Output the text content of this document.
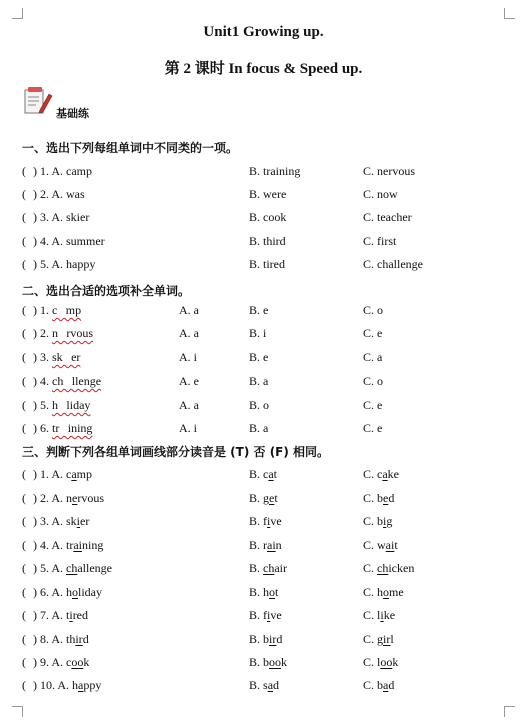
Unit1 Growing up.
第 2 课时 In focus & Speed up.
基础练
一、选出下列每组单词中不同类的一项。
( ) 1. A. camp	B. training	C. nervous
( ) 2. A. was	B. were	C. now
( ) 3. A. skier	B. cook	C. teacher
( ) 4. A. summer	B. third	C. first
( ) 5. A. happy	B. tired	C. challenge
二、选出合适的选项补全单词。
( ) 1. c  mp	A. a	B. e	C. o
( ) 2. n  rvous	A. a	B. i	C. e
( ) 3. sk  er	A. i	B. e	C. a
( ) 4. ch  llenge	A. e	B. a	C. o
( ) 5. h  liday	A. a	B. o	C. e
( ) 6. tr  ining	A. i	B. a	C. e
三、判断下列各组单词画线部分读音是 (T) 否 (F) 相同。
( ) 1. A. camp	B. cat	C. cake
( ) 2. A. nervous	B. get	C. bed
( ) 3. A. skier	B. five	C. big
( ) 4. A. training	B. rain	C. wait
( ) 5. A. challenge	B. chair	C. chicken
( ) 6. A. holiday	B. hot	C. home
( ) 7. A. tired	B. five	C. like
( ) 8. A. third	B. bird	C. girl
( ) 9. A. cook	B. book	C. look
( ) 10. A. happy	B. sad	C. bad
